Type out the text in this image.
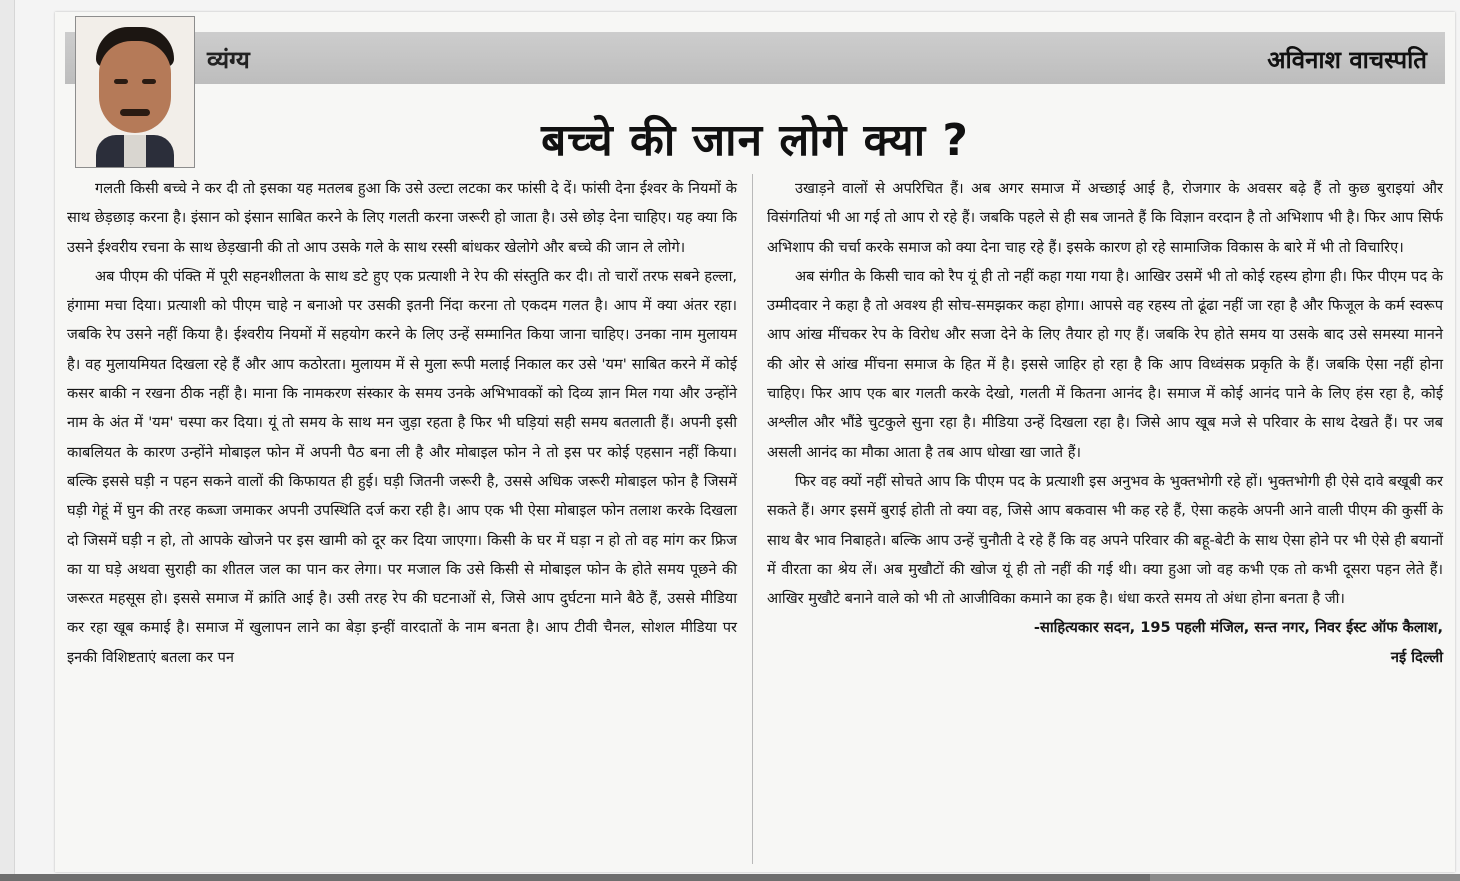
व्यंग्य	अविनाश वाचस्पति
बच्चे की जान लोगे क्या ?

गलती किसी बच्चे ने कर दी तो इसका यह मतलब हुआ कि उसे उल्टा लटका कर फांसी दे दें। फांसी देना ईश्वर के नियमों के साथ छेड़छाड़ करना है। इंसान को इंसान साबित करने के लिए गलती करना जरूरी हो जाता है। उसे छोड़ देना चाहिए। यह क्या कि उसने ईश्वरीय रचना के साथ छेड़खानी की तो आप उसके गले के साथ रस्सी बांधकर खेलोगे और बच्चे की जान ले लोगे।

अब पीएम की पंक्ति में पूरी सहनशीलता के साथ डटे हुए एक प्रत्याशी ने रेप की संस्तुति कर दी। तो चारों तरफ सबने हल्ला, हंगामा मचा दिया। प्रत्याशी को पीएम चाहे न बनाओ पर उसकी इतनी निंदा करना तो एकदम गलत है। आप में क्या अंतर रहा। जबकि रेप उसने नहीं किया है। ईश्वरीय नियमों में सहयोग करने के लिए उन्हें सम्मानित किया जाना चाहिए। उनका नाम मुलायम है। वह मुलायमियत दिखला रहे हैं और आप कठोरता। मुलायम में से मुला रूपी मलाई निकाल कर उसे 'यम' साबित करने में कोई कसर बाकी न रखना ठीक नहीं है। माना कि नामकरण संस्कार के समय उनके अभिभावकों को दिव्य ज्ञान मिल गया और उन्होंने नाम के अंत में 'यम' चस्पा कर दिया। यूं तो समय के साथ मन जुड़ा रहता है फिर भी घड़ियां सही समय बतलाती हैं। अपनी इसी काबलियत के कारण उन्होंने मोबाइल फोन में अपनी पैठ बना ली है और मोबाइल फोन ने तो इस पर कोई एहसान नहीं किया। बल्कि इससे घड़ी न पहन सकने वालों की किफायत ही हुई। घड़ी जितनी जरूरी है, उससे अधिक जरूरी मोबाइल फोन है जिसमें घड़ी गेहूं में घुन की तरह कब्जा जमाकर अपनी उपस्थिति दर्ज करा रही है। आप एक भी ऐसा मोबाइल फोन तलाश करके दिखला दो जिसमें घड़ी न हो, तो आपके खोजने पर इस खामी को दूर कर दिया जाएगा। किसी के घर में घड़ा न हो तो वह मांग कर फ्रिज का या घड़े अथवा सुराही का शीतल जल का पान कर लेगा। पर मजाल कि उसे किसी से मोबाइल फोन के होते समय पूछने की जरूरत महसूस हो। इससे समाज में क्रांति आई है। उसी तरह रेप की घटनाओं से, जिसे आप दुर्घटना माने बैठे हैं, उससे मीडिया कर रहा खूब कमाई है। समाज में खुलापन लाने का बेड़ा इन्हीं वारदातों के नाम बनता है। आप टीवी चैनल, सोशल मीडिया पर इनकी विशिष्टताएं बतला कर पन

उखाड़ने वालों से अपरिचित हैं। अब अगर समाज में अच्छाई आई है, रोजगार के अवसर बढ़े हैं तो कुछ बुराइयां और विसंगतियां भी आ गई तो आप रो रहे हैं। जबकि पहले से ही सब जानते हैं कि विज्ञान वरदान है तो अभिशाप भी है। फिर आप सिर्फ अभिशाप की चर्चा करके समाज को क्या देना चाह रहे हैं। इसके कारण हो रहे सामाजिक विकास के बारे में भी तो विचारिए।

अब संगीत के किसी चाव को रैप यूं ही तो नहीं कहा गया गया है। आखिर उसमें भी तो कोई रहस्य होगा ही। फिर पीएम पद के उम्मीदवार ने कहा है तो अवश्य ही सोच-समझकर कहा होगा। आपसे वह रहस्य तो ढूंढा नहीं जा रहा है और फिजूल के कर्म स्वरूप आप आंख मींचकर रेप के विरोध और सजा देने के लिए तैयार हो गए हैं। जबकि रेप होते समय या उसके बाद उसे समस्या मानने की ओर से आंख मींचना समाज के हित में है। इससे जाहिर हो रहा है कि आप विध्वंसक प्रकृति के हैं। जबकि ऐसा नहीं होना चाहिए। फिर आप एक बार गलती करके देखो, गलती में कितना आनंद है। समाज में कोई आनंद पाने के लिए हंस रहा है, कोई अश्लील और भौंडे चुटकुले सुना रहा है। मीडिया उन्हें दिखला रहा है। जिसे आप खूब मजे से परिवार के साथ देखते हैं। पर जब असली आनंद का मौका आता है तब आप धोखा खा जाते हैं।

फिर वह क्यों नहीं सोचते आप कि पीएम पद के प्रत्याशी इस अनुभव के भुक्तभोगी रहे हों। भुक्तभोगी ही ऐसे दावे बखूबी कर सकते हैं। अगर इसमें बुराई होती तो क्या वह, जिसे आप बकवास भी कह रहे हैं, ऐसा कहके अपनी आने वाली पीएम की कुर्सी के साथ बैर भाव निबाहते। बल्कि आप उन्हें चुनौती दे रहे हैं कि वह अपने परिवार की बहू-बेटी के साथ ऐसा होने पर भी ऐसे ही बयानों में वीरता का श्रेय लें। अब मुखौटों की खोज यूं ही तो नहीं की गई थी। क्या हुआ जो वह कभी एक तो कभी दूसरा पहन लेते हैं। आखिर मुखौटे बनाने वाले को भी तो आजीविका कमाने का हक है। धंधा करते समय तो अंधा होना बनता है जी।

-साहित्यकार सदन, 195 पहली मंजिल, सन्त नगर, निवर ईस्ट ऑफ कैलाश,

नई दिल्ली
